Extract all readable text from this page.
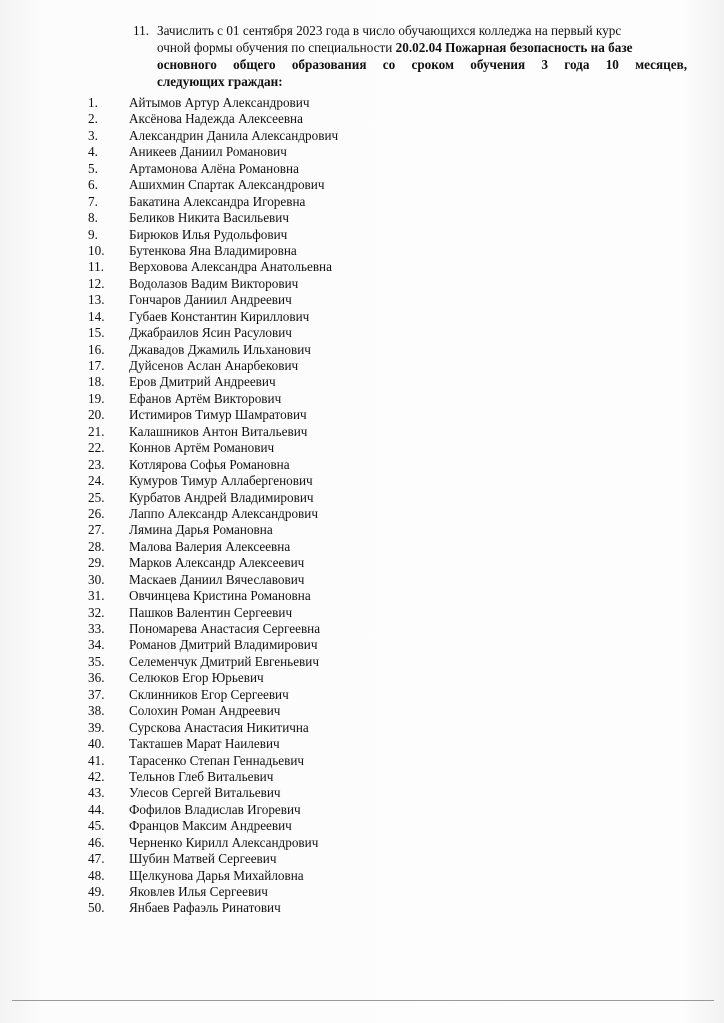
11. Зачислить с 01 сентября 2023 года в число обучающихся колледжа на первый курс
очной формы обучения по специальности 20.02.04 Пожарная безопасность на базе
основного общего образования со сроком обучения 3 года 10 месяцев,
следующих граждан:
1.	Айтымов Артур Александрович
2.	Аксёнова Надежда Алексеевна
3.	Александрин Данила Александрович
4.	Аникеев Даниил Романович
5.	Артамонова Алёна Романовна
6.	Ашихмин Спартак Александрович
7.	Бакатина Александра Игоревна
8.	Беликов Никита Васильевич
9.	Бирюков Илья Рудольфович
10.	Бутенкова Яна Владимировна
11.	Верховова Александра Анатольевна
12.	Водолазов Вадим Викторович
13.	Гончаров Даниил Андреевич
14.	Губаев Константин Кириллович
15.	Джабраилов Ясин Расулович
16.	Джавадов Джамиль Ильханович
17.	Дуйсенов Аслан Анарбекович
18.	Еров Дмитрий Андреевич
19.	Ефанов Артём Викторович
20.	Истимиров Тимур Шамратович
21.	Калашников Антон Витальевич
22.	Коннов Артём Романович
23.	Котлярова Софья Романовна
24.	Кумуров Тимур Аллабергенович
25.	Курбатов Андрей Владимирович
26.	Лаппо Александр Александрович
27.	Лямина Дарья Романовна
28.	Малова Валерия Алексеевна
29.	Марков Александр Алексеевич
30.	Маскаев Даниил Вячеславович
31.	Овчинцева Кристина Романовна
32.	Пашков Валентин Сергеевич
33.	Пономарева Анастасия Сергеевна
34.	Романов Дмитрий Владимирович
35.	Селеменчук Дмитрий Евгеньевич
36.	Селюков Егор Юрьевич
37.	Склинников Егор Сергеевич
38.	Солохин Роман Андреевич
39.	Сурскова Анастасия Никитична
40.	Такташев Марат Наилевич
41.	Тарасенко Степан Геннадьевич
42.	Тельнов Глеб Витальевич
43.	Улесов Сергей Витальевич
44.	Фофилов Владислав Игоревич
45.	Францов Максим Андреевич
46.	Черненко Кирилл Александрович
47.	Шубин Матвей Сергеевич
48.	Щелкунова Дарья Михайловна
49.	Яковлев Илья Сергеевич
50.	Янбаев Рафаэль Ринатович
